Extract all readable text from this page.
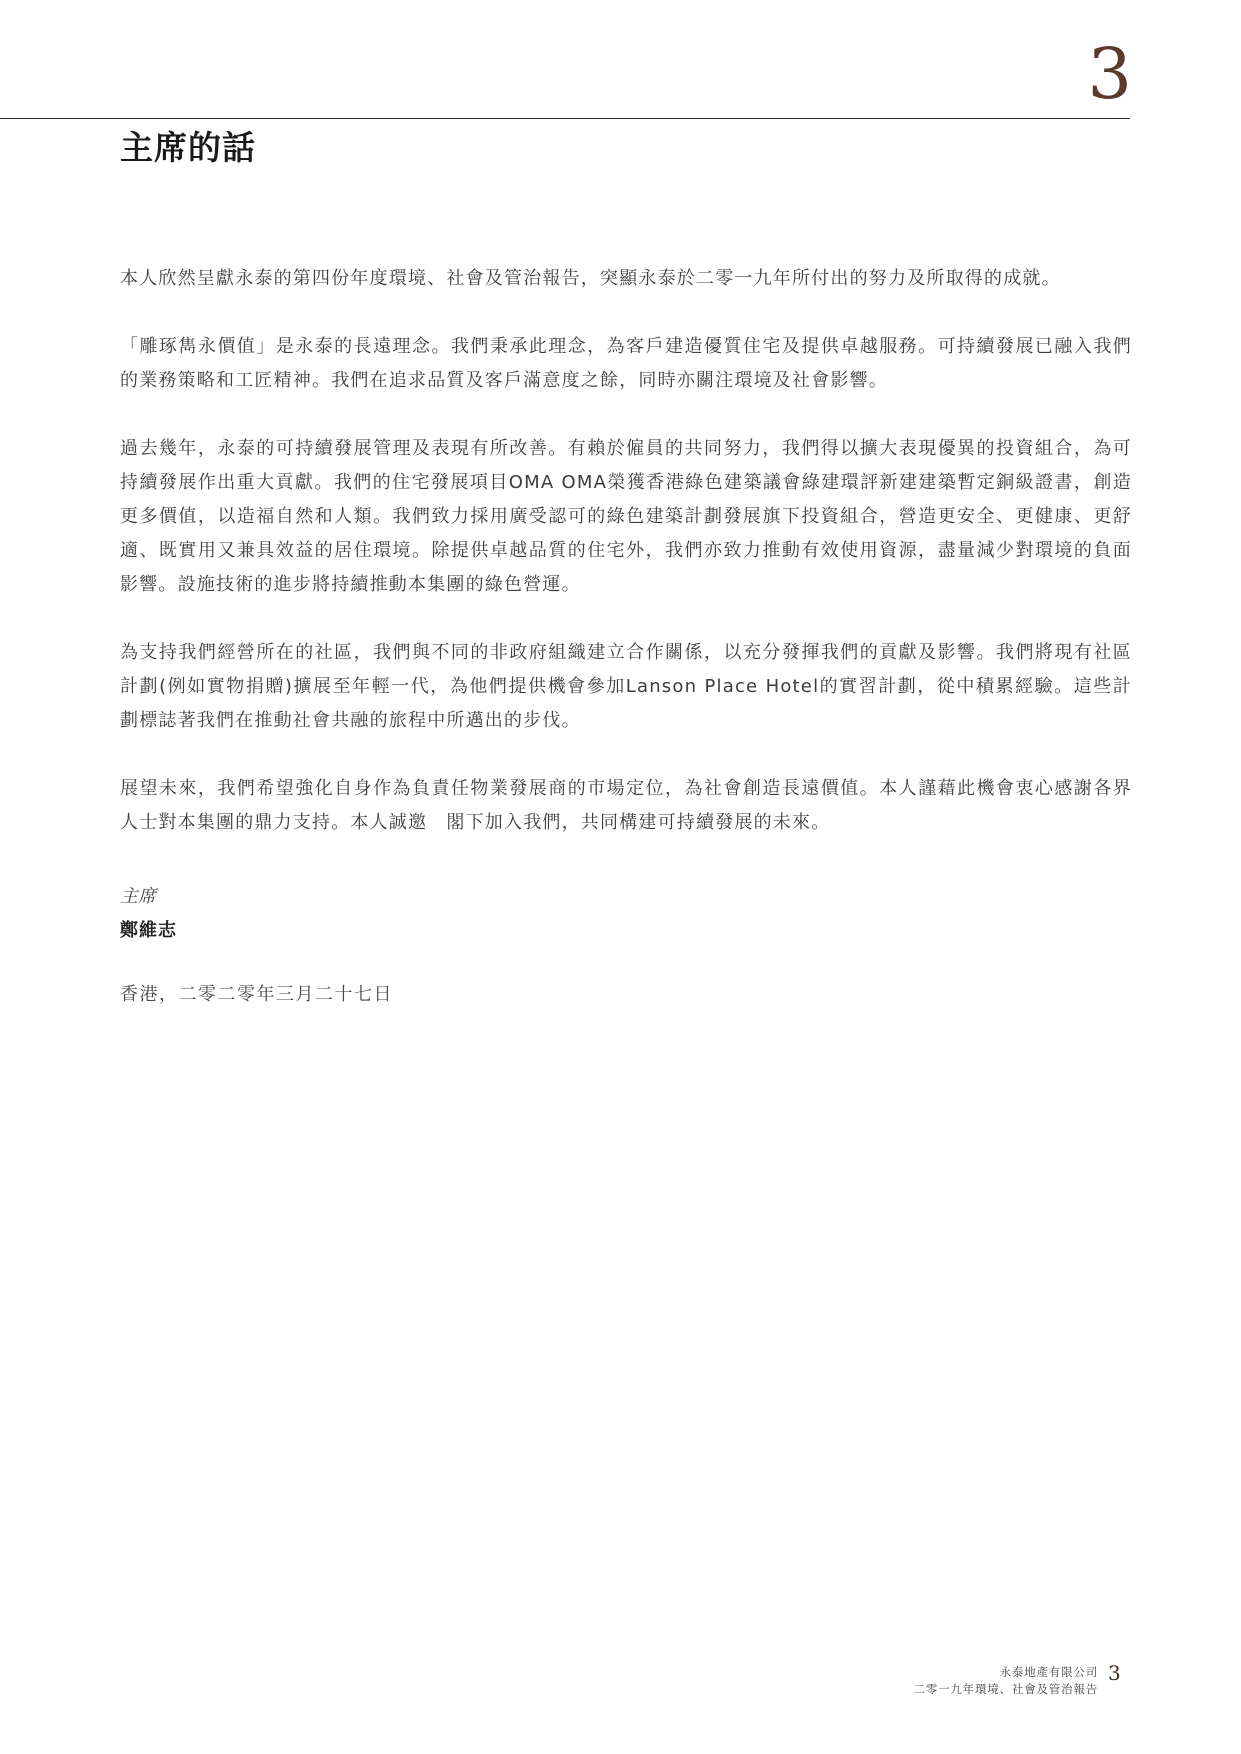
3
主席的話

本人欣然呈獻永泰的第四份年度環境、社會及管治報告，突顯永泰於二零一九年所付出的努力及所取得的成就。

「雕琢雋永價值」是永泰的長遠理念。我們秉承此理念，為客戶建造優質住宅及提供卓越服務。可持續發展已融入我們的業務策略和工匠精神。我們在追求品質及客戶滿意度之餘，同時亦關注環境及社會影響。

過去幾年，永泰的可持續發展管理及表現有所改善。有賴於僱員的共同努力，我們得以擴大表現優異的投資組合，為可持續發展作出重大貢獻。我們的住宅發展項目OMA OMA榮獲香港綠色建築議會綠建環評新建建築暫定銅級證書，創造更多價值，以造福自然和人類。我們致力採用廣受認可的綠色建築計劃發展旗下投資組合，營造更安全、更健康、更舒適、既實用又兼具效益的居住環境。除提供卓越品質的住宅外，我們亦致力推動有效使用資源，盡量減少對環境的負面影響。設施技術的進步將持續推動本集團的綠色營運。

為支持我們經營所在的社區，我們與不同的非政府組織建立合作關係，以充分發揮我們的貢獻及影響。我們將現有社區計劃(例如實物捐贈)擴展至年輕一代，為他們提供機會參加Lanson Place Hotel的實習計劃，從中積累經驗。這些計劃標誌著我們在推動社會共融的旅程中所邁出的步伐。

展望未來，我們希望強化自身作為負責任物業發展商的市場定位，為社會創造長遠價值。本人謹藉此機會衷心感謝各界人士對本集團的鼎力支持。本人誠邀　閣下加入我們，共同構建可持續發展的未來。

主席
鄭維志
香港，二零二零年三月二十七日
永泰地產有限公司
二零一九年環境、社會及管治報告
3
